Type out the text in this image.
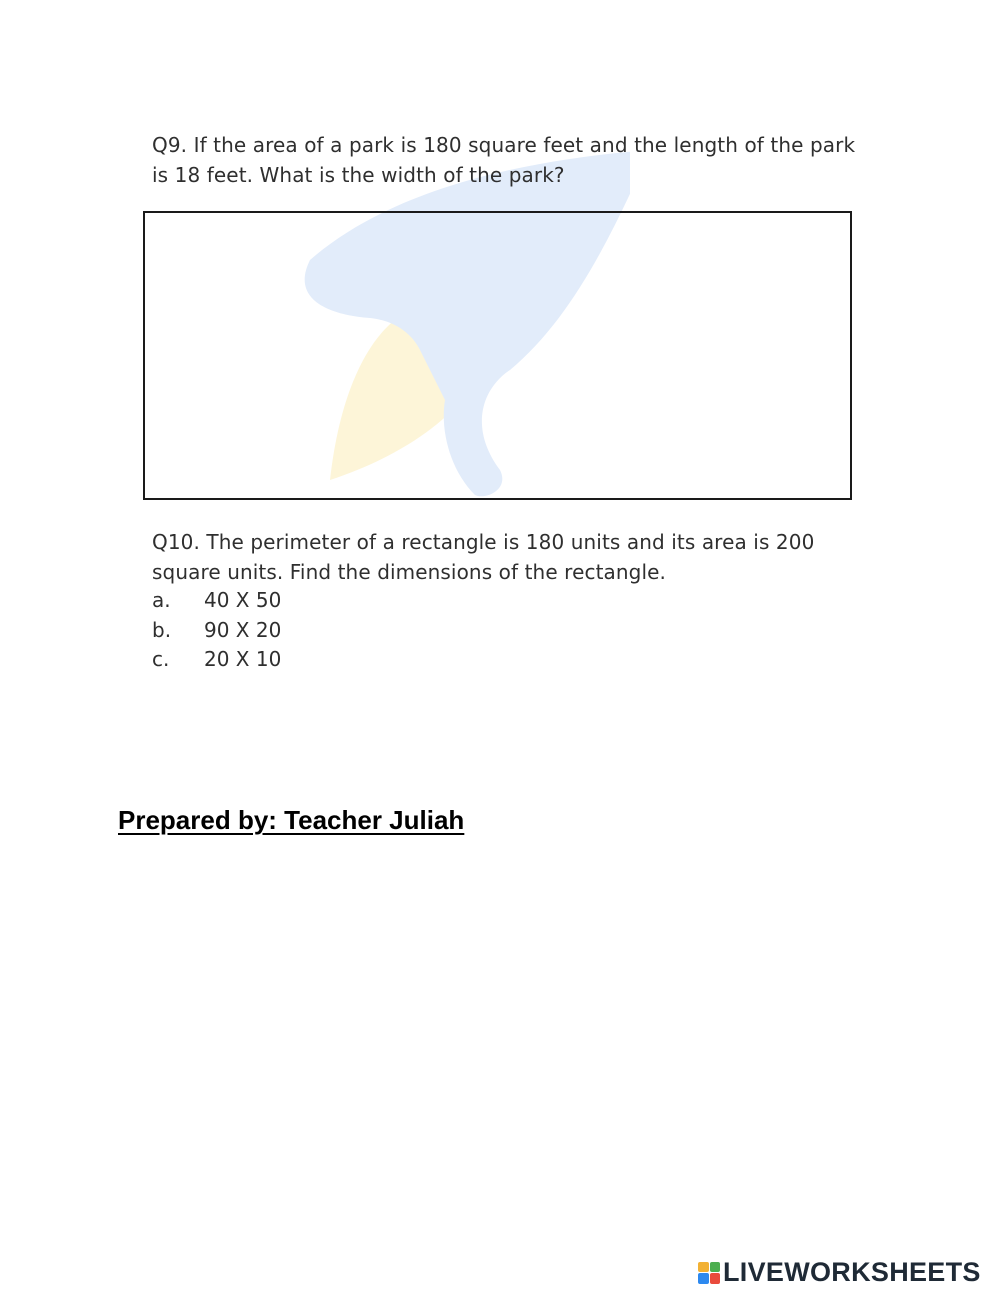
Q9. If the area of a park is 180 square feet and the length of the park is 18 feet. What is the width of the park?
Q10. The perimeter of a rectangle is 180 units and its area is 200 square units. Find the dimensions of the rectangle.
a.	40 X 50
b.	90 X 20
c.	20 X 10
Prepared by: Teacher Juliah
LIVEWORKSHEETS
